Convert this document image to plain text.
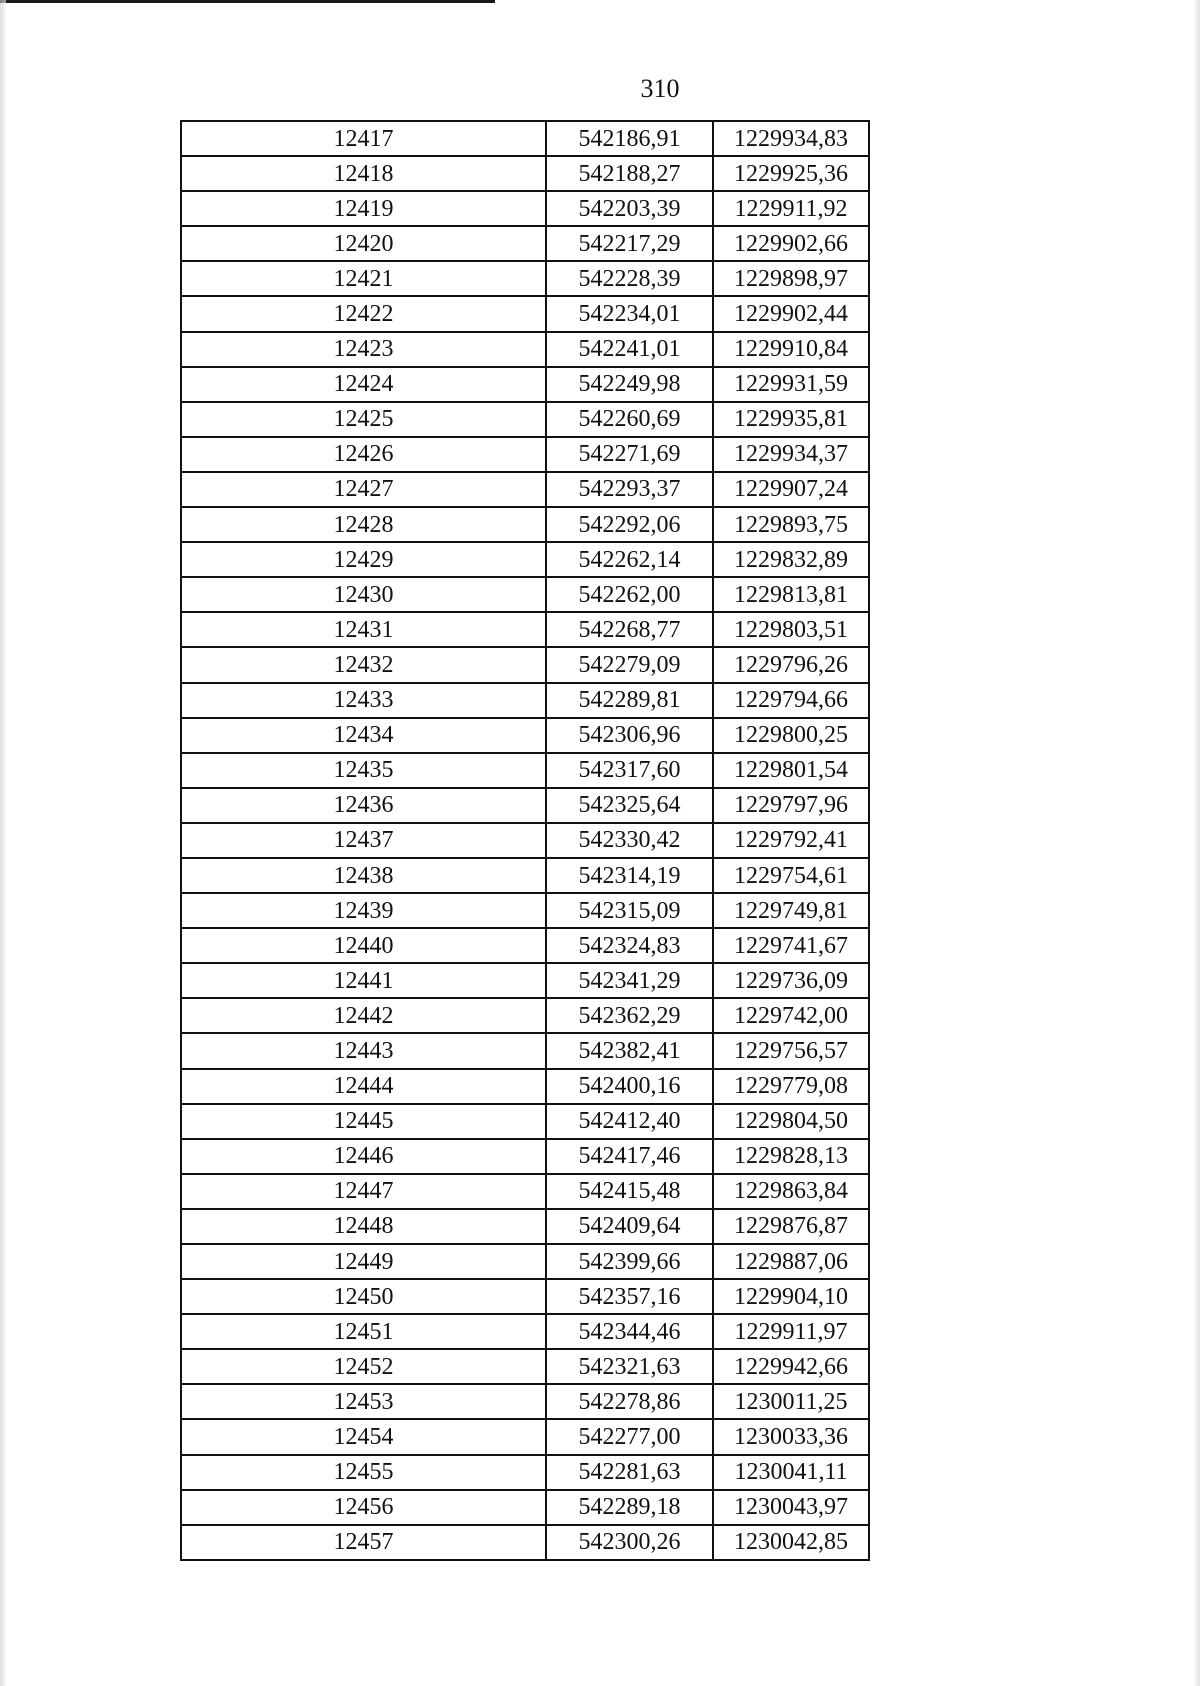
310
12417	542186,91	1229934,83
12418	542188,27	1229925,36
12419	542203,39	1229911,92
12420	542217,29	1229902,66
12421	542228,39	1229898,97
12422	542234,01	1229902,44
12423	542241,01	1229910,84
12424	542249,98	1229931,59
12425	542260,69	1229935,81
12426	542271,69	1229934,37
12427	542293,37	1229907,24
12428	542292,06	1229893,75
12429	542262,14	1229832,89
12430	542262,00	1229813,81
12431	542268,77	1229803,51
12432	542279,09	1229796,26
12433	542289,81	1229794,66
12434	542306,96	1229800,25
12435	542317,60	1229801,54
12436	542325,64	1229797,96
12437	542330,42	1229792,41
12438	542314,19	1229754,61
12439	542315,09	1229749,81
12440	542324,83	1229741,67
12441	542341,29	1229736,09
12442	542362,29	1229742,00
12443	542382,41	1229756,57
12444	542400,16	1229779,08
12445	542412,40	1229804,50
12446	542417,46	1229828,13
12447	542415,48	1229863,84
12448	542409,64	1229876,87
12449	542399,66	1229887,06
12450	542357,16	1229904,10
12451	542344,46	1229911,97
12452	542321,63	1229942,66
12453	542278,86	1230011,25
12454	542277,00	1230033,36
12455	542281,63	1230041,11
12456	542289,18	1230043,97
12457	542300,26	1230042,85
